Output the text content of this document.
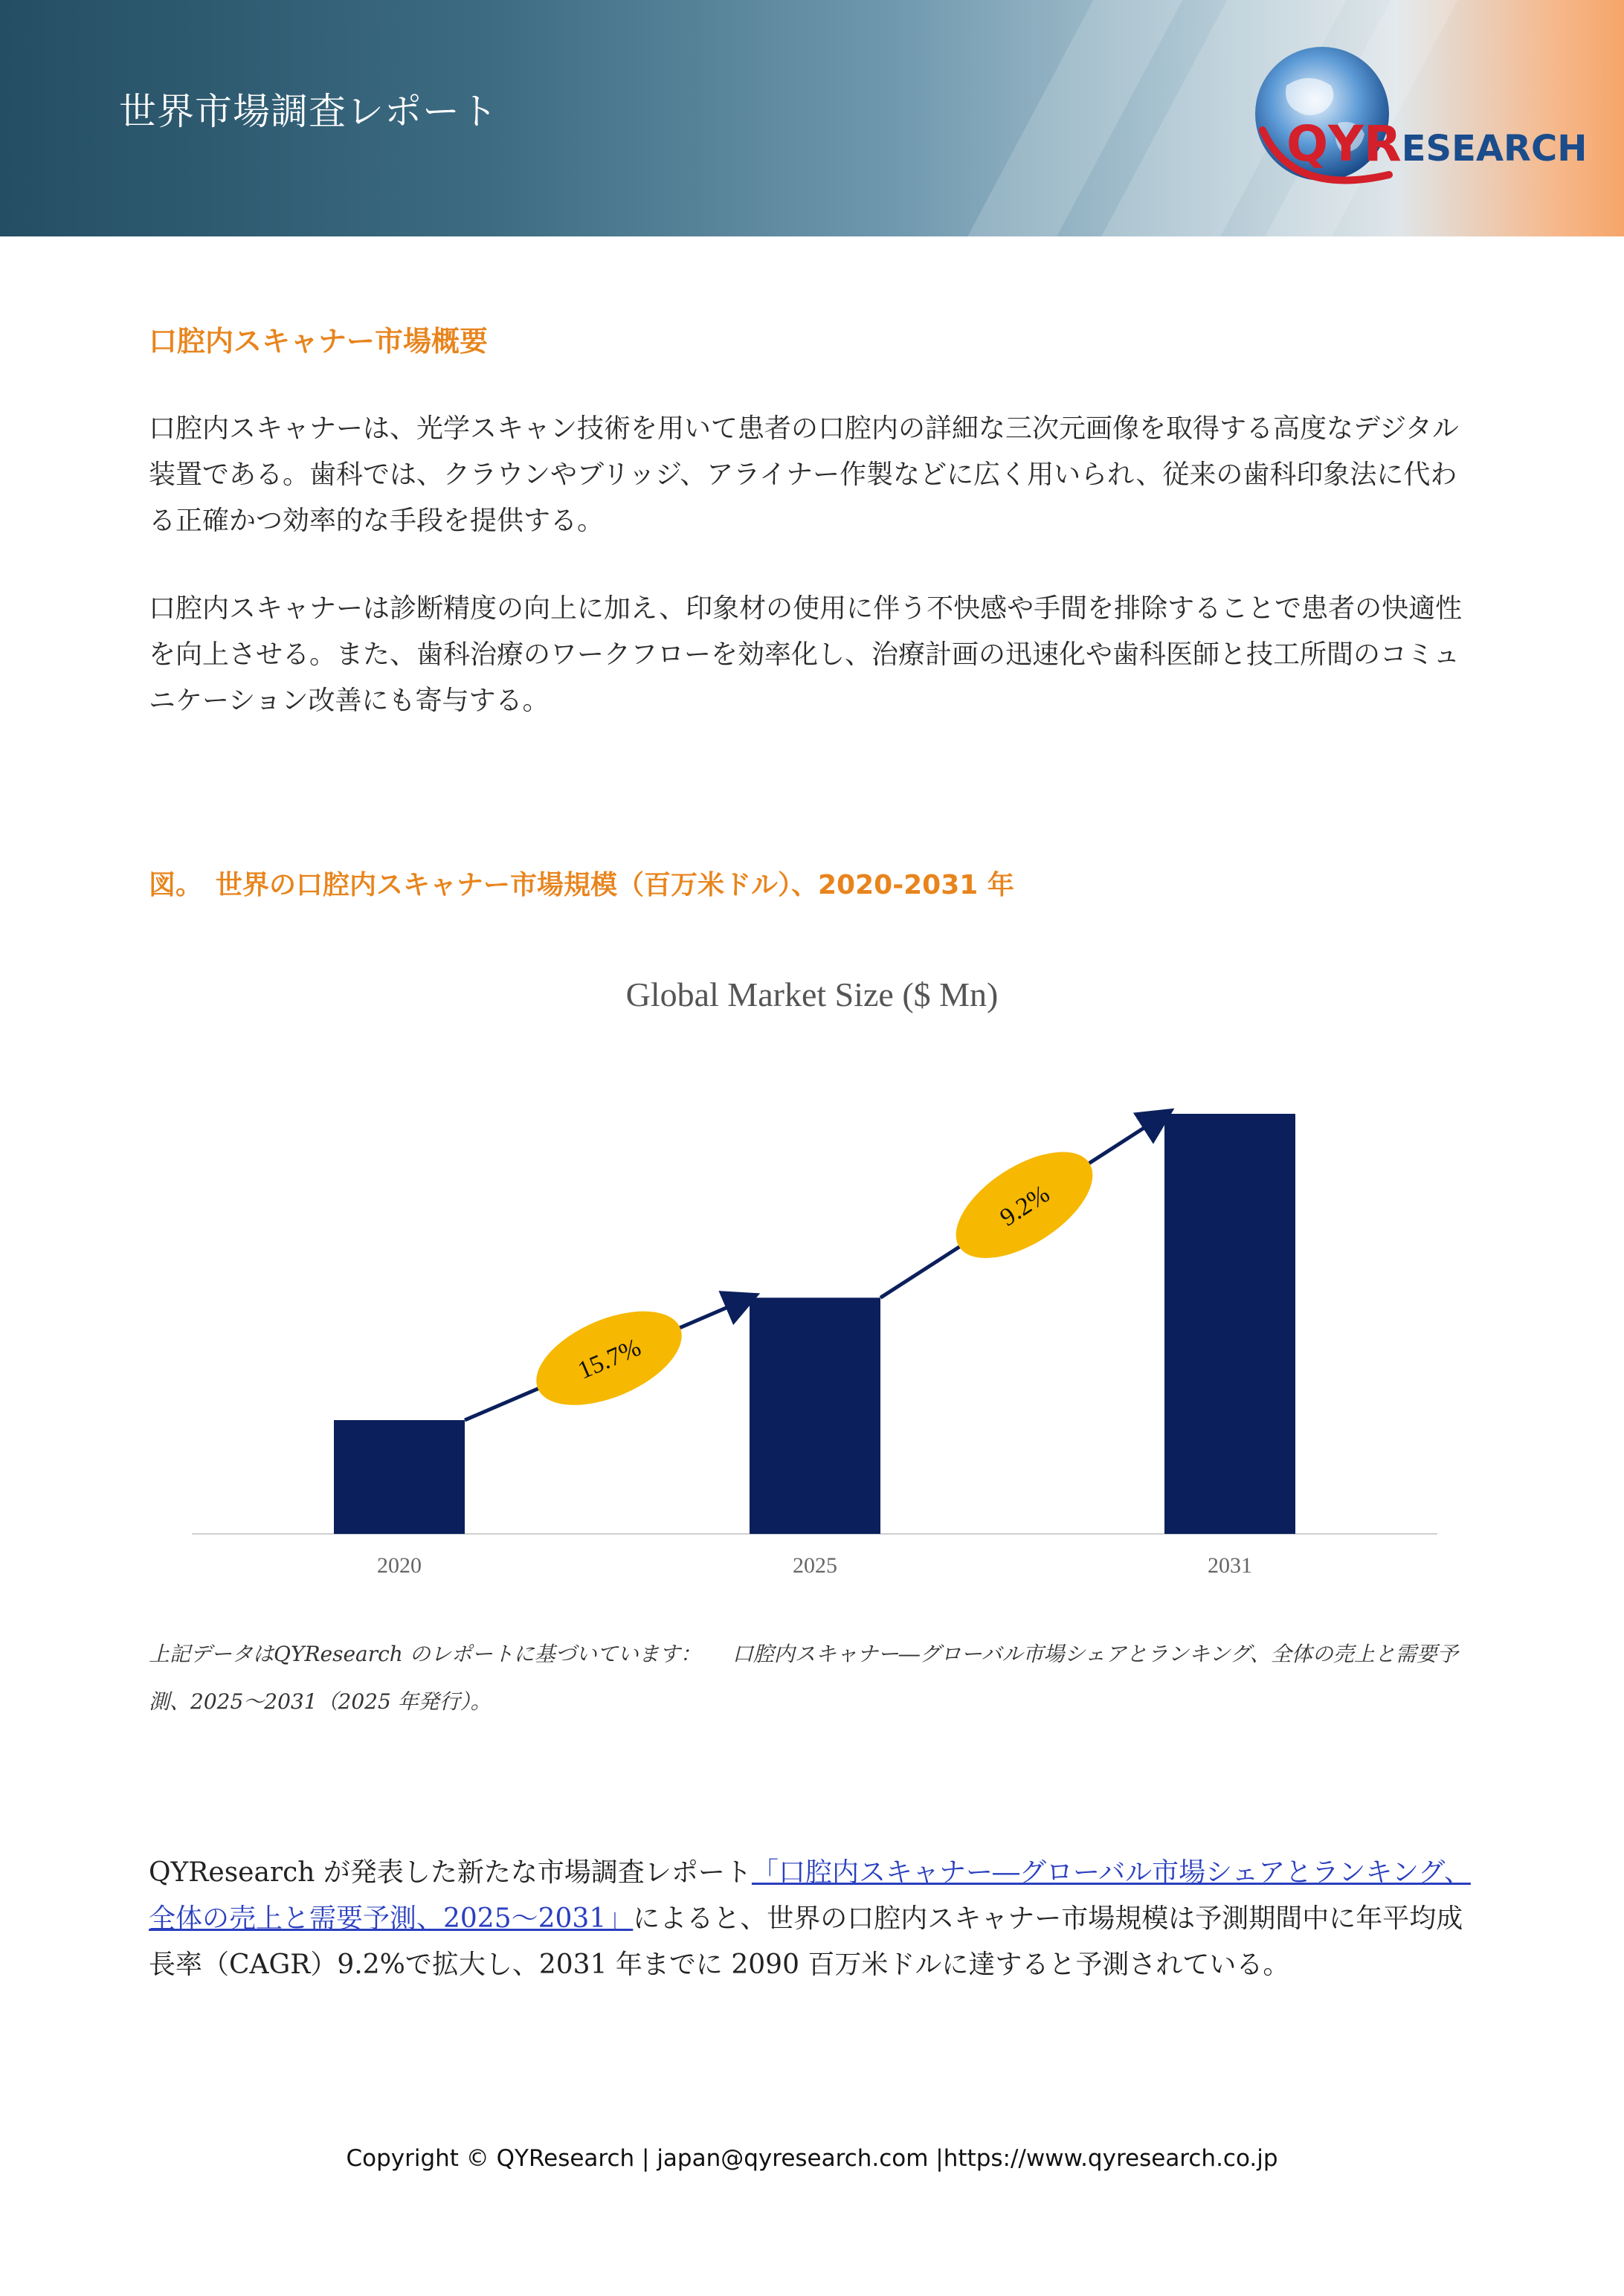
世界市場調査レポート
QYRESEARCH
口腔内スキャナー市場概要
口腔内スキャナーは、光学スキャン技術を用いて患者の口腔内の詳細な三次元画像を取得する高度なデジタル装置である。歯科では、クラウンやブリッジ、アライナー作製などに広く用いられ、従来の歯科印象法に代わる正確かつ効率的な手段を提供する。
口腔内スキャナーは診断精度の向上に加え、印象材の使用に伴う不快感や手間を排除することで患者の快適性を向上させる。また、歯科治療のワークフローを効率化し、治療計画の迅速化や歯科医師と技工所間のコミュニケーション改善にも寄与する。
図。　世界の口腔内スキャナー市場規模（百万米ドル）、2020-2031 年
Global Market Size ($ Mn)
2020	2025	2031
15.7%
9.2%
上記データはQYResearch のレポートに基づいています：　　口腔内スキャナー―グローバル市場シェアとランキング、全体の売上と需要予測、2025～2031（2025 年発行）。
QYResearch が発表した新たな市場調査レポート「口腔内スキャナー―グローバル市場シェアとランキング、全体の売上と需要予測、2025～2031」によると、世界の口腔内スキャナー市場規模は予測期間中に年平均成長率（CAGR）9.2%で拡大し、2031 年までに 2090 百万米ドルに達すると予測されている。
Copyright © QYResearch | japan@qyresearch.com |https://www.qyresearch.co.jp
